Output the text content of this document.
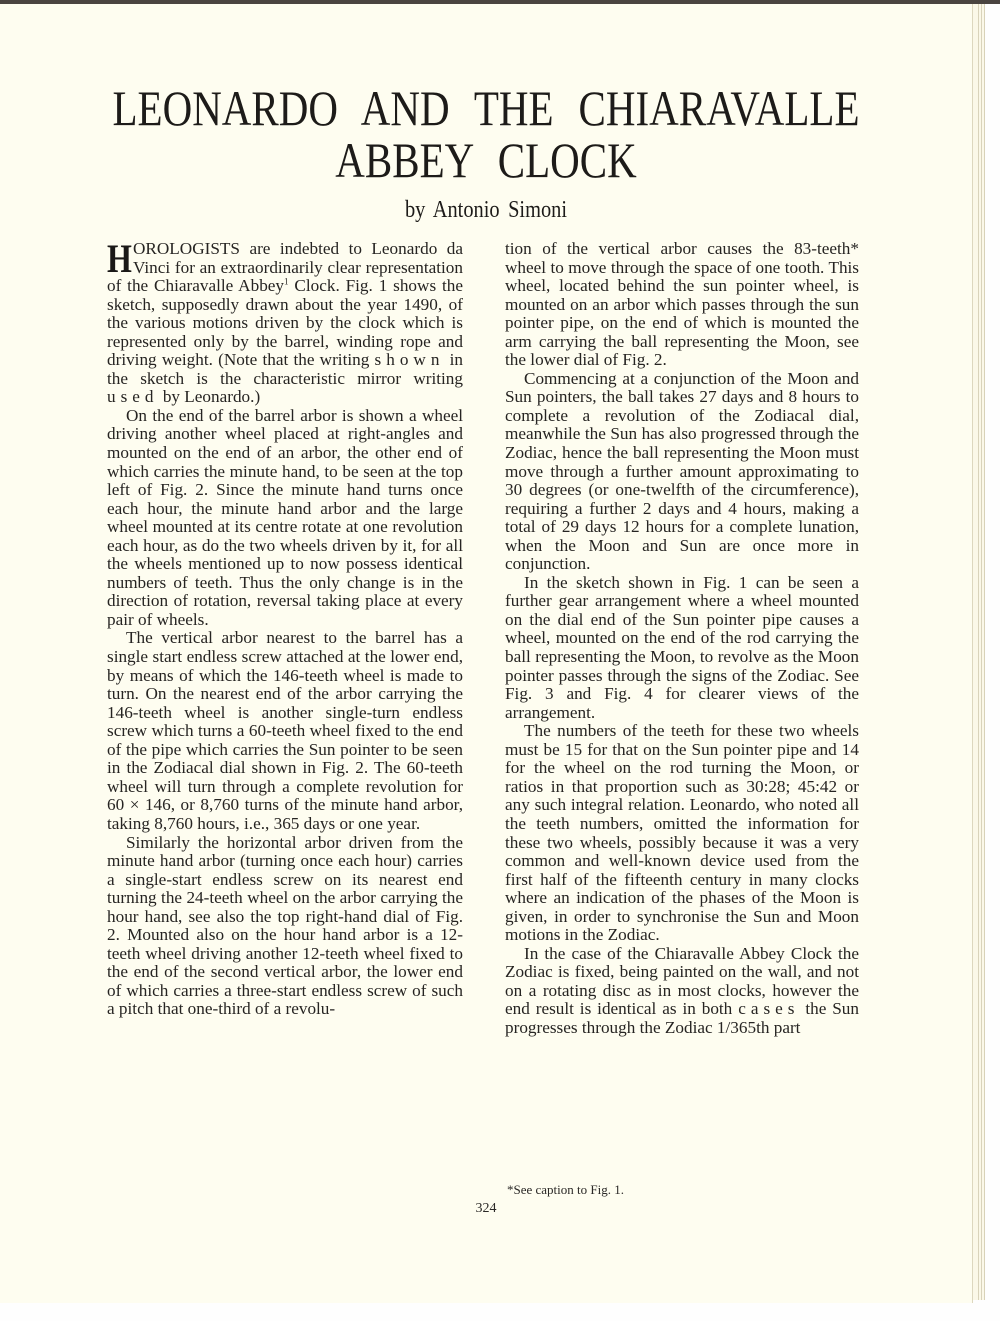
LEONARDO AND THE CHIARAVALLE
ABBEY CLOCK
by Antonio Simoni

HOROLOGISTS are indebted to Leonardo da Vinci for an extraordinarily clear representation of the Chiaravalle Abbey$^1$ Clock. Fig. 1 shows the sketch, supposedly drawn about the year 1490, of the various motions driven by the clock which is represented only by the barrel, winding rope and driving weight. (Note that the writing shown in the sketch is the characteristic mirror writing used by Leonardo.)

On the end of the barrel arbor is shown a wheel driving another wheel placed at right-angles and mounted on the end of an arbor, the other end of which carries the minute hand, to be seen at the top left of Fig. 2. Since the minute hand turns once each hour, the minute hand arbor and the large wheel mounted at its centre rotate at one revolution each hour, as do the two wheels driven by it, for all the wheels mentioned up to now possess identical numbers of teeth. Thus the only change is in the direction of rotation, reversal taking place at every pair of wheels.

The vertical arbor nearest to the barrel has a single start endless screw attached at the lower end, by means of which the 146-teeth wheel is made to turn. On the nearest end of the arbor carrying the 146-teeth wheel is another single-turn endless screw which turns a 60-teeth wheel fixed to the end of the pipe which carries the Sun pointer to be seen in the Zodiacal dial shown in Fig. 2. The 60-teeth wheel will turn through a complete revolution for 60 × 146, or 8,760 turns of the minute hand arbor, taking 8,760 hours, i.e., 365 days or one year.

Similarly the horizontal arbor driven from the minute hand arbor (turning once each hour) carries a single-start endless screw on its nearest end turning the 24-teeth wheel on the arbor carrying the hour hand, see also the top right-hand dial of Fig. 2. Mounted also on the hour hand arbor is a 12-teeth wheel driving another 12-teeth wheel fixed to the end of the second vertical arbor, the lower end of which carries a three-start endless screw of such a pitch that one-third of a revolu-

tion of the vertical arbor causes the 83-teeth* wheel to move through the space of one tooth. This wheel, located behind the sun pointer wheel, is mounted on an arbor which passes through the sun pointer pipe, on the end of which is mounted the arm carrying the ball representing the Moon, see the lower dial of Fig. 2.

Commencing at a conjunction of the Moon and Sun pointers, the ball takes 27 days and 8 hours to complete a revolution of the Zodiacal dial, meanwhile the Sun has also progressed through the Zodiac, hence the ball representing the Moon must move through a further amount approximating to 30 degrees (or one-twelfth of the circumference), requiring a further 2 days and 4 hours, making a total of 29 days 12 hours for a complete lunation, when the Moon and Sun are once more in conjunction.

In the sketch shown in Fig. 1 can be seen a further gear arrangement where a wheel mounted on the dial end of the Sun pointer pipe causes a wheel, mounted on the end of the rod carrying the ball representing the Moon, to revolve as the Moon pointer passes through the signs of the Zodiac. See Fig. 3 and Fig. 4 for clearer views of the arrangement.

The numbers of the teeth for these two wheels must be 15 for that on the Sun pointer pipe and 14 for the wheel on the rod turning the Moon, or ratios in that proportion such as 30:28; 45:42 or any such integral relation. Leonardo, who noted all the teeth numbers, omitted the information for these two wheels, possibly because it was a very common and well-known device used from the first half of the fifteenth century in many clocks where an indication of the phases of the Moon is given, in order to synchronise the Sun and Moon motions in the Zodiac.

In the case of the Chiaravalle Abbey Clock the Zodiac is fixed, being painted on the wall, and not on a rotating disc as in most clocks, however the end result is identical as in both cases the Sun progresses through the Zodiac 1/365th part

*See caption to Fig. 1.
324
